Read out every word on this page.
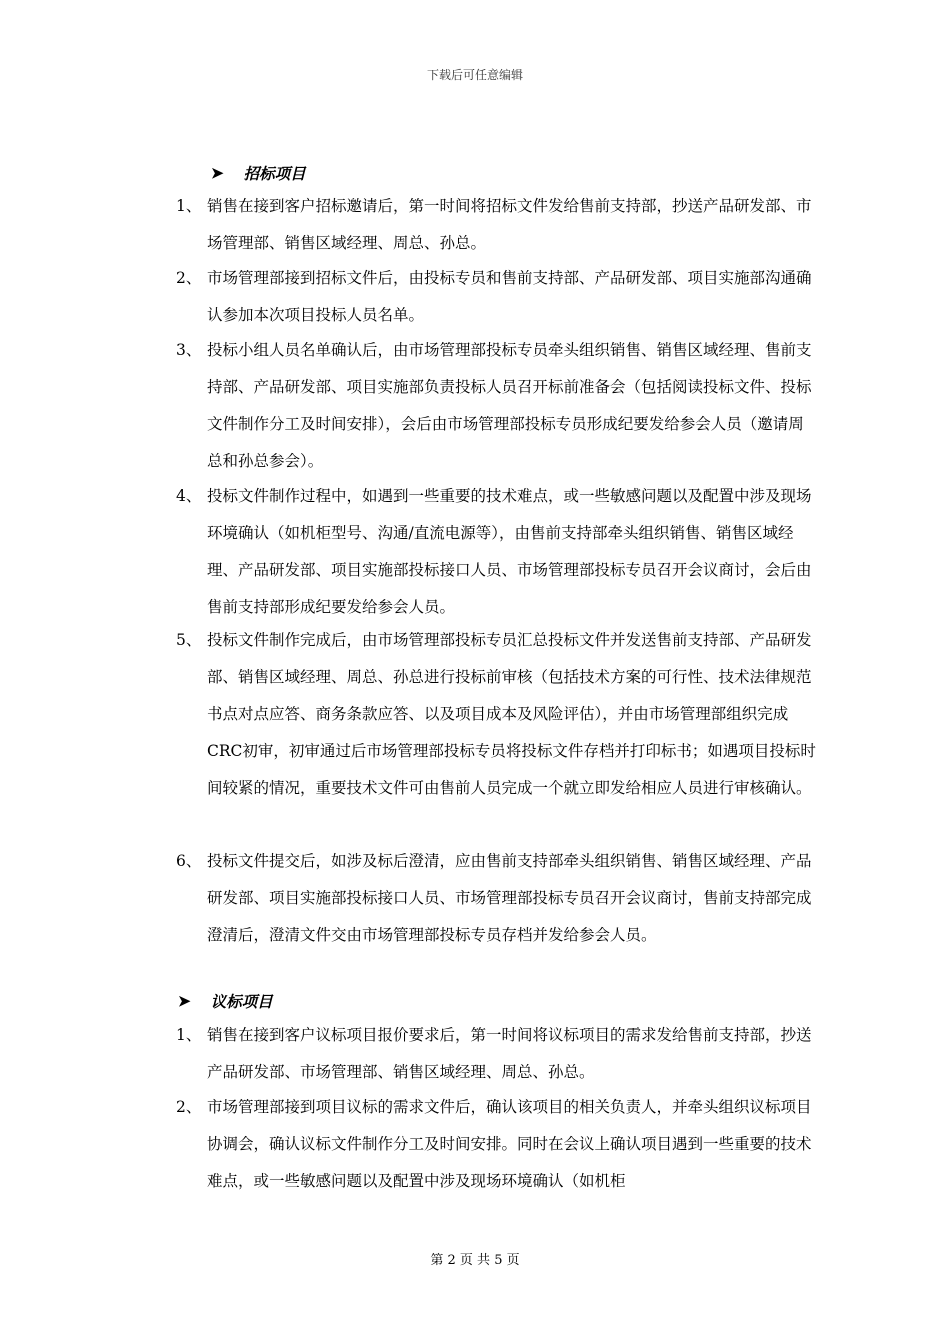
下载后可任意编辑
➤ 招标项目
1、 销售在接到客户招标邀请后，第一时间将招标文件发给售前支持部，抄送产品研发部、市场管理部、销售区域经理、周总、孙总。
2、 市场管理部接到招标文件后，由投标专员和售前支持部、产品研发部、项目实施部沟通确认参加本次项目投标人员名单。
3、 投标小组人员名单确认后，由市场管理部投标专员牵头组织销售、销售区域经理、售前支持部、产品研发部、项目实施部负责投标人员召开标前准备会（包括阅读投标文件、投标文件制作分工及时间安排），会后由市场管理部投标专员形成纪要发给参会人员（邀请周总和孙总参会）。
4、 投标文件制作过程中，如遇到一些重要的技术难点，或一些敏感问题以及配置中涉及现场环境确认（如机柜型号、沟通/直流电源等），由售前支持部牵头组织销售、销售区域经理、产品研发部、项目实施部投标接口人员、市场管理部投标专员召开会议商讨，会后由售前支持部形成纪要发给参会人员。
5、 投标文件制作完成后，由市场管理部投标专员汇总投标文件并发送售前支持部、产品研发部、销售区域经理、周总、孙总进行投标前审核（包括技术方案的可行性、技术法律规范书点对点应答、商务条款应答、以及项目成本及风险评估），并由市场管理部组织完成CRC初审，初审通过后市场管理部投标专员将投标文件存档并打印标书；如遇项目投标时间较紧的情况，重要技术文件可由售前人员完成一个就立即发给相应人员进行审核确认。
6、 投标文件提交后，如涉及标后澄清，应由售前支持部牵头组织销售、销售区域经理、产品研发部、项目实施部投标接口人员、市场管理部投标专员召开会议商讨，售前支持部完成澄清后，澄清文件交由市场管理部投标专员存档并发给参会人员。
➤ 议标项目
1、 销售在接到客户议标项目报价要求后，第一时间将议标项目的需求发给售前支持部，抄送产品研发部、市场管理部、销售区域经理、周总、孙总。
2、 市场管理部接到项目议标的需求文件后，确认该项目的相关负责人，并牵头组织议标项目协调会，确认议标文件制作分工及时间安排。同时在会议上确认项目遇到一些重要的技术难点，或一些敏感问题以及配置中涉及现场环境确认（如机柜
第 2 页 共 5 页
